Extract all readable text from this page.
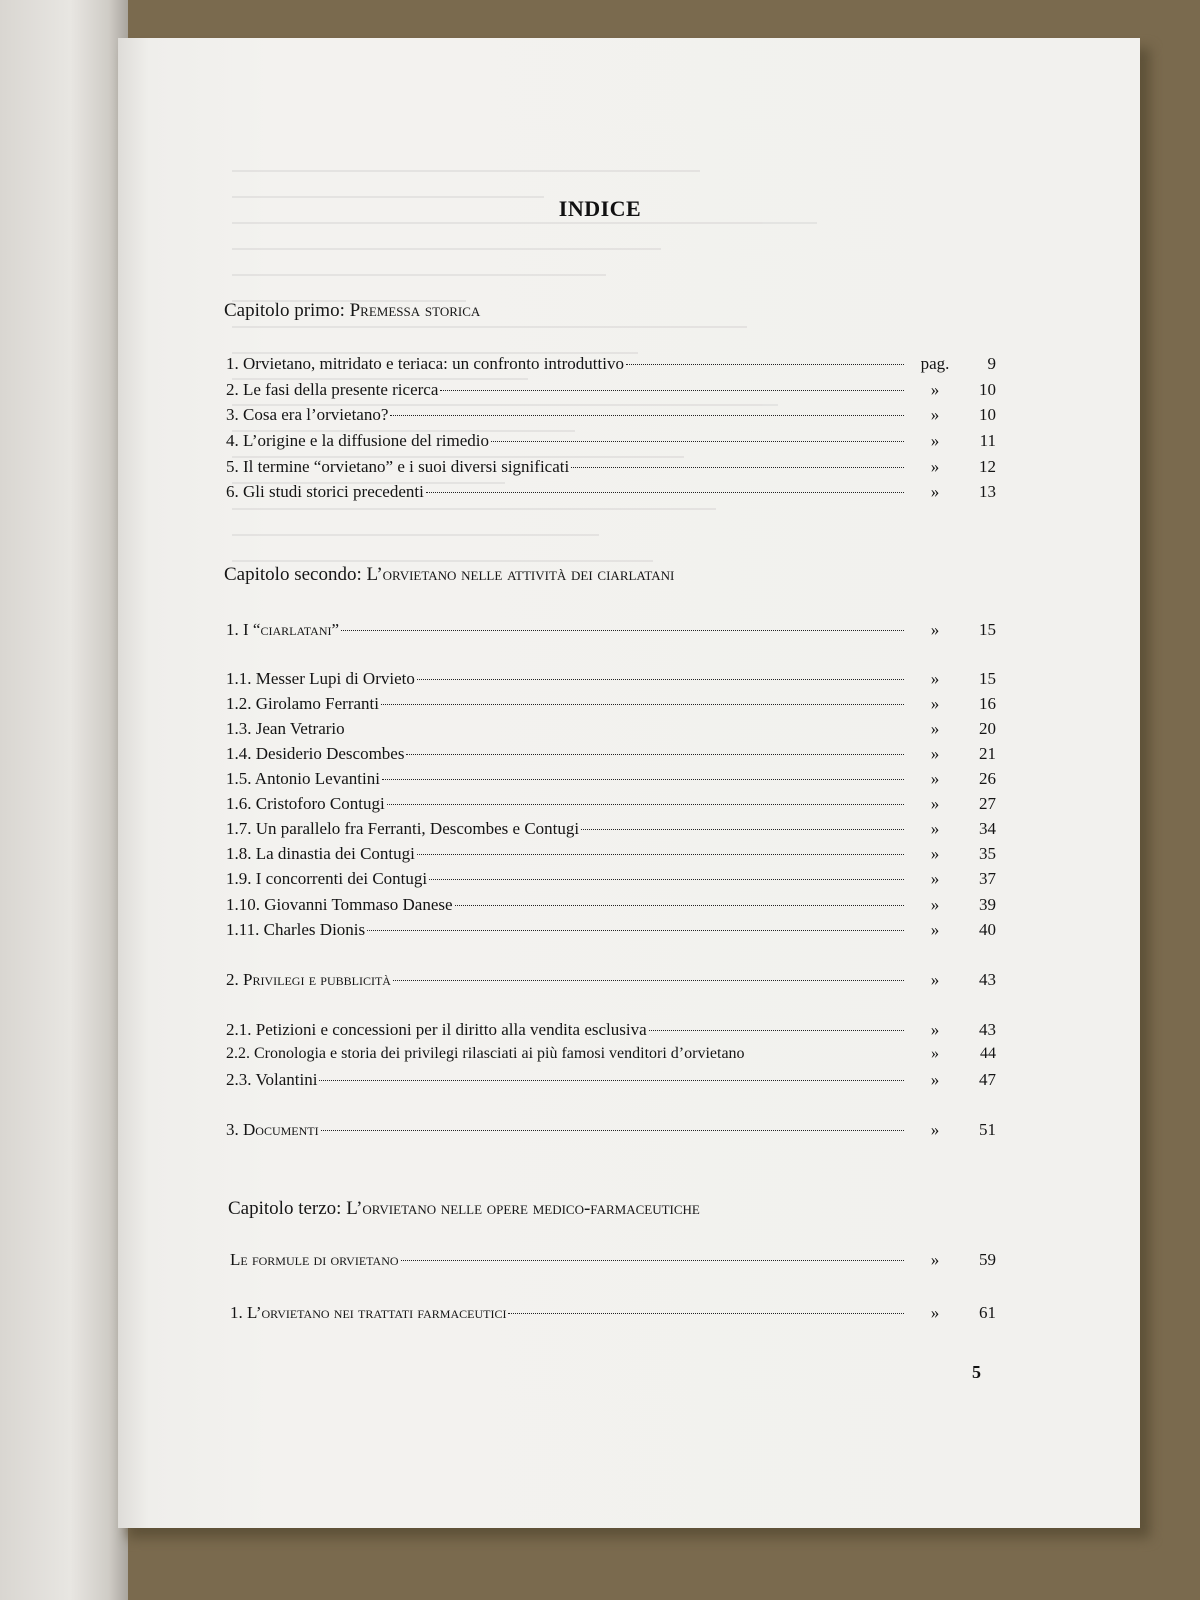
INDICE
Capitolo primo: Premessa storica
1. Orvietano, mitridato e teriaca: un confronto introduttivo	pag.	9
2. Le fasi della presente ricerca	»	10
3. Cosa era l’orvietano?	»	10
4. L’origine e la diffusione del rimedio	»	11
5. Il termine “orvietano” e i suoi diversi significati	»	12
6. Gli studi storici precedenti	»	13
Capitolo secondo: L’orvietano nelle attività dei ciarlatani
1. I “ciarlatani”	»	15
1.1. Messer Lupi di Orvieto	»	15
1.2. Girolamo Ferranti	»	16
1.3. Jean Vetrario	»	20
1.4. Desiderio Descombes	»	21
1.5. Antonio Levantini	»	26
1.6. Cristoforo Contugi	»	27
1.7. Un parallelo fra Ferranti, Descombes e Contugi	»	34
1.8. La dinastia dei Contugi	»	35
1.9. I concorrenti dei Contugi	»	37
1.10. Giovanni Tommaso Danese	»	39
1.11. Charles Dionis	»	40
2. Privilegi e pubblicità	»	43
2.1. Petizioni e concessioni per il diritto alla vendita esclusiva	»	43
2.2. Cronologia e storia dei privilegi rilasciati ai più famosi venditori d’orvietano	»	44
2.3. Volantini	»	47
3. Documenti	»	51
Capitolo terzo: L’orvietano nelle opere medico-farmaceutiche
Le formule di orvietano	»	59
1. L’orvietano nei trattati farmaceutici	»	61
5
